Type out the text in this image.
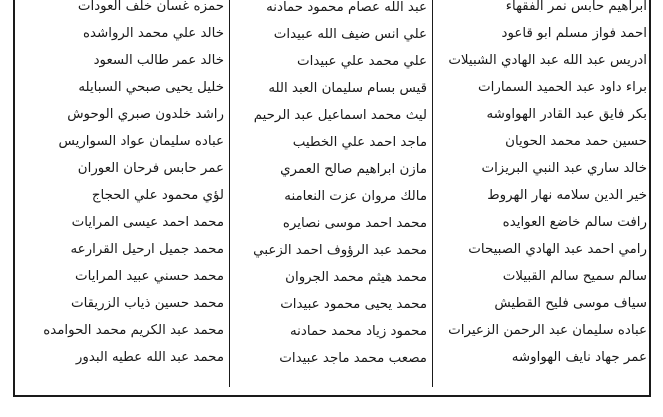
ابراهيم حابس نمر الفقهاء
احمد فواز مسلم ابو قاعود
ادريس عبد الله عبد الهادي الشبيلات
براء داود عبد الحميد السمارات
بكر فايق عبد القادر الهواوشه
حسين حمد محمد الحويان
خالد ساري عبد النبي البريزات
خير الدين سلامه نهار الهروط
رافت سالم خاضع العوايده
رامي احمد عبد الهادي الصبيحات
سالم سميح سالم القبيلات
سياف موسى فليح القطيش
عباده سليمان عبد الرحمن الزعيرات
عمر جهاد نايف الهواوشه
عبد الله عصام محمود حمادنه
علي انس ضيف الله عبيدات
علي محمد علي عبيدات
قيس بسام سليمان العبد الله
ليث محمد اسماعيل عبد الرحيم
ماجد احمد علي الخطيب
مازن ابراهيم صالح العمري
مالك مروان عزت النعامنه
محمد احمد موسى نصايره
محمد عبد الرؤوف احمد الزعبي
محمد هيثم محمد الجروان
محمد يحيى محمود عبيدات
محمود زياد محمد حمادنه
مصعب محمد ماجد عبيدات
حمزه غسان خلف العودات
خالد علي محمد الرواشده
خالد عمر طالب السعود
خليل يحيى صبحي السبايله
راشد خلدون صبري الوحوش
عباده سليمان عواد السواريس
عمر حابس فرحان العوران
لؤي محمود علي الحجاج
محمد احمد عيسى المرايات
محمد جميل ارحيل القرارعه
محمد حسني عبيد المرايات
محمد حسين ذياب الزريقات
محمد عبد الكريم محمد الحوامده
محمد عبد الله عطيه البدور
